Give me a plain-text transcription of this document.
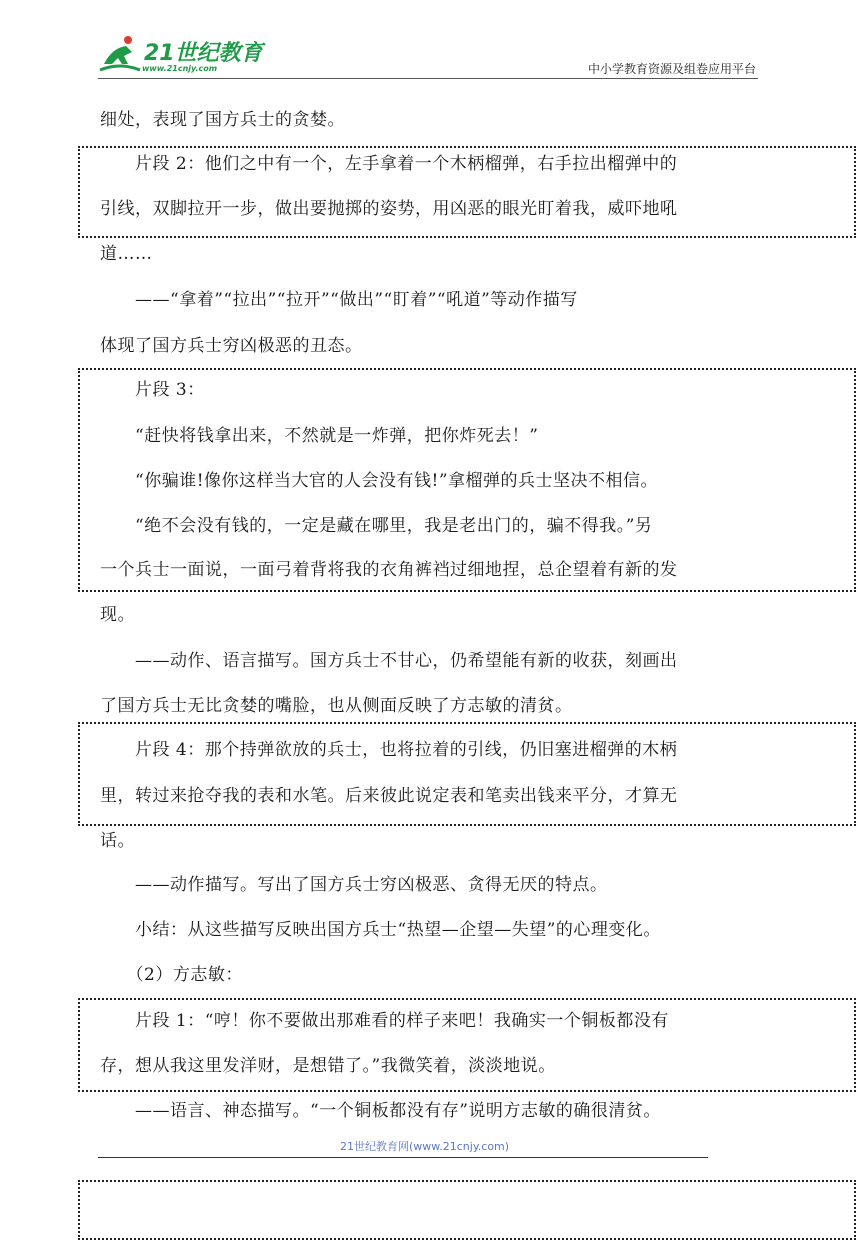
21世纪教育
www.21cnjy.com	中小学教育资源及组卷应用平台
细处，表现了国方兵士的贪婪。
　　片段 2：他们之中有一个，左手拿着一个木柄榴弹，右手拉出榴弹中的
引线，双脚拉开一步，做出要抛掷的姿势，用凶恶的眼光盯着我，威吓地吼
道……
　　——“拿着”“拉出”“拉开”“做出”“盯着”“吼道”等动作描写
体现了国方兵士穷凶极恶的丑态。
　　片段 3：
　　“赶快将钱拿出来，不然就是一炸弹，把你炸死去！”
　　“你骗谁!像你这样当大官的人会没有钱!”拿榴弹的兵士坚决不相信。
　　“绝不会没有钱的，一定是藏在哪里，我是老出门的，骗不得我。”另
一个兵士一面说，一面弓着背将我的衣角裤裆过细地捏，总企望着有新的发
现。
　　——动作、语言描写。国方兵士不甘心，仍希望能有新的收获，刻画出
了国方兵士无比贪婪的嘴脸，也从侧面反映了方志敏的清贫。
　　片段 4：那个持弹欲放的兵士，也将拉着的引线，仍旧塞进榴弹的木柄
里，转过来抢夺我的表和水笔。后来彼此说定表和笔卖出钱来平分，才算无
话。
　　——动作描写。写出了国方兵士穷凶极恶、贪得无厌的特点。
　　小结：从这些描写反映出国方兵士“热望—企望—失望”的心理变化。
　　（2）方志敏：
　　片段 1：“哼！你不要做出那难看的样子来吧！我确实一个铜板都没有
存，想从我这里发洋财，是想错了。”我微笑着，淡淡地说。
　　——语言、神态描写。“一个铜板都没有存”说明方志敏的确很清贫。
21世纪教育网(www.21cnjy.com)
